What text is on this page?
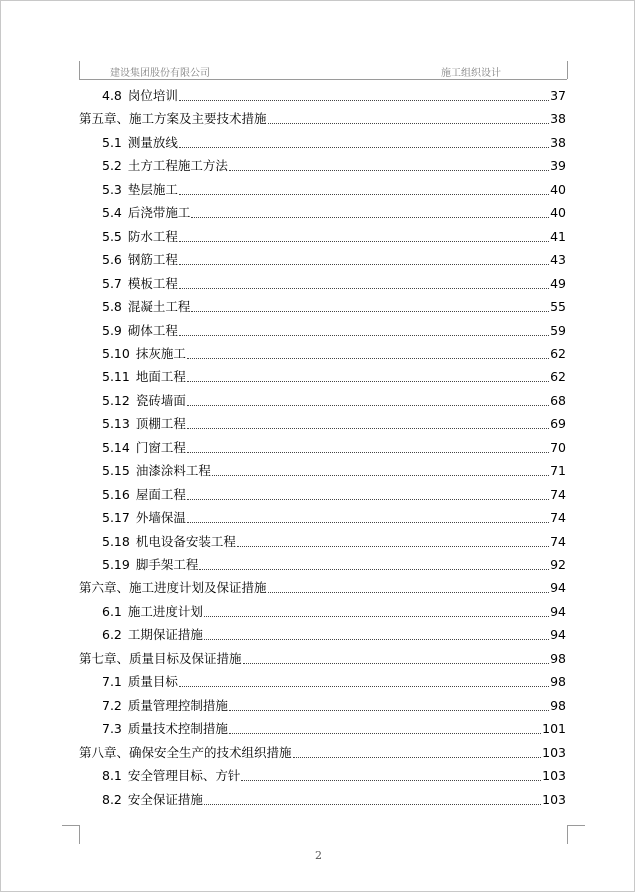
建设集团股份有限公司	施工组织设计
4.8 岗位培训	37
第五章、施工方案及主要技术措施	38
5.1 测量放线	38
5.2 土方工程施工方法	39
5.3 垫层施工	40
5.4 后浇带施工	40
5.5 防水工程	41
5.6 钢筋工程	43
5.7 模板工程	49
5.8 混凝土工程	55
5.9 砌体工程	59
5.10 抹灰施工	62
5.11 地面工程	62
5.12 瓷砖墙面	68
5.13 顶棚工程	69
5.14 门窗工程	70
5.15 油漆涂料工程	71
5.16 屋面工程	74
5.17 外墙保温	74
5.18 机电设备安装工程	74
5.19 脚手架工程	92
第六章、施工进度计划及保证措施	94
6.1 施工进度计划	94
6.2 工期保证措施	94
第七章、质量目标及保证措施	98
7.1 质量目标	98
7.2 质量管理控制措施	98
7.3 质量技术控制措施	101
第八章、确保安全生产的技术组织措施	103
8.1 安全管理目标、方针	103
8.2 安全保证措施	103
2
